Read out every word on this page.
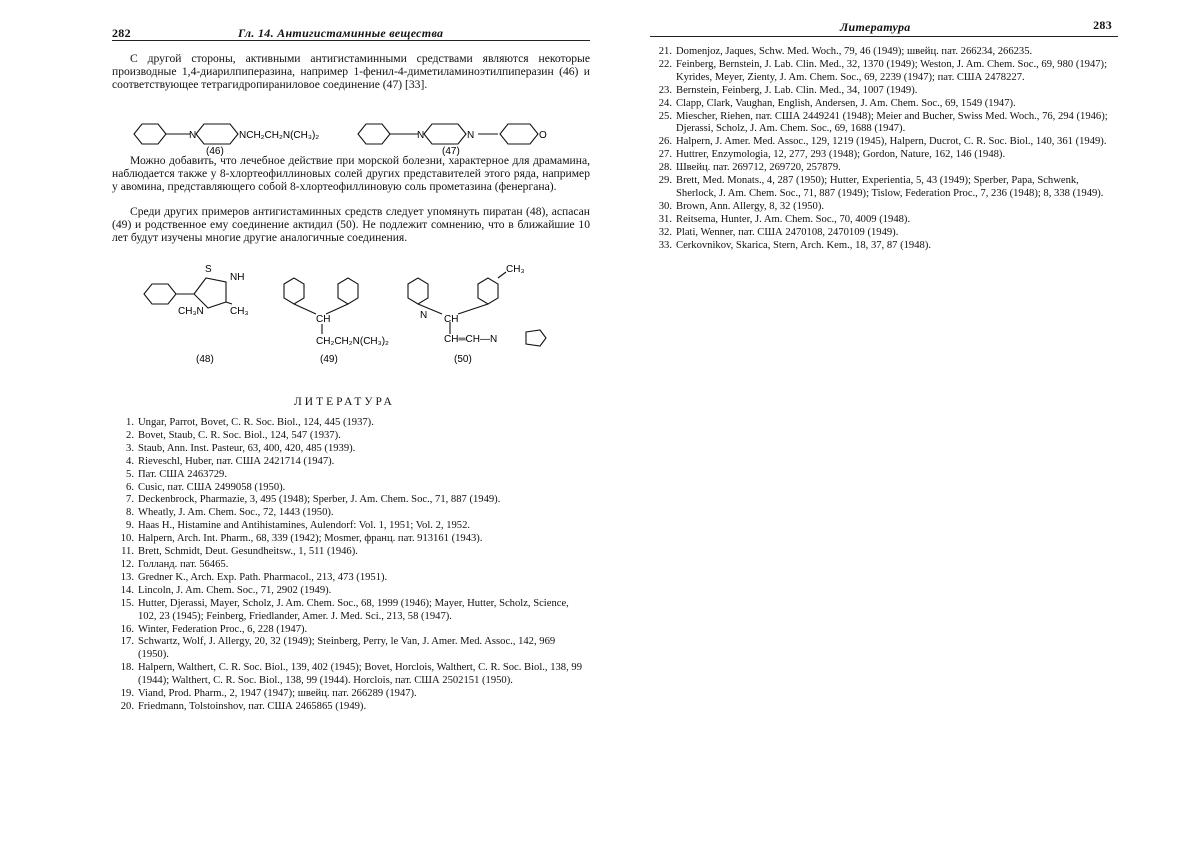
282	Гл. 14. Антигистаминные вещества

С другой стороны, активными антигистаминными средствами являются некоторые производные 1,4-диарилпиперазина, например 1-фенил-4-диметиламиноэтилпиперазин (46) и соответствующее тетрагидропираниловое соединение (47) [33].

N	NCH₂CH₂N(CH₃)₂
(46)
N	N	O
(47)

Можно добавить, что лечебное действие при морской болезни, характерное для драмамина, наблюдается также у 8-хлортеофиллиновых солей других представителей этого ряда, например у авомина, представляющего собой 8-хлортеофиллиновую соль прометазина (фенергана).

Среди других примеров антигистаминных средств следует упомянуть пиратан (48), аспасан (49) и родственное ему соединение актидил (50). Не подлежит сомнению, что в ближайшие 10 лет будут изучены многие другие аналогичные соединения.

S
NH
CH₃N	CH₃
(48)
CH
CH₂CH₂N(CH₃)₂
(49)
CH₃
N CH
CH═CH—N
(50)
ЛИТЕРАТУРА
1. Ungar, Parrot, Bovet, C. R. Soc. Biol., 124, 445 (1937).
2. Bovet, Staub, C. R. Soc. Biol., 124, 547 (1937).
3. Staub, Ann. Inst. Pasteur, 63, 400, 420, 485 (1939).
4. Rieveschl, Huber, пат. США 2421714 (1947).
5. Пат. США 2463729.
6. Cusic, пат. США 2499058 (1950).
7. Deckenbrock, Pharmazie, 3, 495 (1948); Sperber, J. Am. Chem. Soc., 71, 887 (1949).
8. Wheatly, J. Am. Chem. Soc., 72, 1443 (1950).
9. Haas H., Histamine and Antihistamines, Aulendorf: Vol. 1, 1951; Vol. 2, 1952.
10. Halpern, Arch. Int. Pharm., 68, 339 (1942); Mosmer, франц. пат. 913161 (1943).
11. Brett, Schmidt, Deut. Gesundheitsw., 1, 511 (1946).
12. Голланд. пат. 56465.
13. Gredner K., Arch. Exp. Path. Pharmacol., 213, 473 (1951).
14. Lincoln, J. Am. Chem. Soc., 71, 2902 (1949).
15. Hutter, Djerassi, Mayer, Scholz, J. Am. Chem. Soc., 68, 1999 (1946); Mayer, Hutter, Scholz, Science, 102, 23 (1945); Feinberg, Friedlander, Amer. J. Med. Sci., 213, 58 (1947).
16. Winter, Federation Proc., 6, 228 (1947).
17. Schwartz, Wolf, J. Allergy, 20, 32 (1949); Steinberg, Perry, le Van, J. Amer. Med. Assoc., 142, 969 (1950).
18. Halpern, Walthert, C. R. Soc. Biol., 139, 402 (1945); Bovet, Horclois, Walthert, C. R. Soc. Biol., 138, 99 (1944); Walthert, C. R. Soc. Biol., 138, 99 (1944). Horclois, пат. США 2502151 (1950).
19. Viand, Prod. Pharm., 2, 1947 (1947); швейц. пат. 266289 (1947).
20. Friedmann, Tolstoinshov, пат. США 2465865 (1949).
Литература	283
21. Domenjoz, Jaques, Schw. Med. Woch., 79, 46 (1949); швейц. пат. 266234, 266235.
22. Feinberg, Bernstein, J. Lab. Clin. Med., 32, 1370 (1949); Weston, J. Am. Chem. Soc., 69, 980 (1947); Kyrides, Meyer, Zienty, J. Am. Chem. Soc., 69, 2239 (1947); пат. США 2478227.
23. Bernstein, Feinberg, J. Lab. Clin. Med., 34, 1007 (1949).
24. Clapp, Clark, Vaughan, English, Andersen, J. Am. Chem. Soc., 69, 1549 (1947).
25. Miescher, Riehen, пат. США 2449241 (1948); Meier and Bucher, Swiss Med. Woch., 76, 294 (1946); Djerassi, Scholz, J. Am. Chem. Soc., 69, 1688 (1947).
26. Halpern, J. Amer. Med. Assoc., 129, 1219 (1945), Halpern, Ducrot, C. R. Soc. Biol., 140, 361 (1949).
27. Huttrer, Enzymologia, 12, 277, 293 (1948); Gordon, Nature, 162, 146 (1948).
28. Швейц. пат. 269712, 269720, 257879.
29. Brett, Med. Monats., 4, 287 (1950); Hutter, Experientia, 5, 43 (1949); Sperber, Papa, Schwenk, Sherlock, J. Am. Chem. Soc., 71, 887 (1949); Tislow, Federation Proc., 7, 236 (1948); 8, 338 (1949).
30. Brown, Ann. Allergy, 8, 32 (1950).
31. Reitsema, Hunter, J. Am. Chem. Soc., 70, 4009 (1948).
32. Plati, Wenner, пат. США 2470108, 2470109 (1949).
33. Cerkovnikov, Skarica, Stern, Arch. Kem., 18, 37, 87 (1948).
